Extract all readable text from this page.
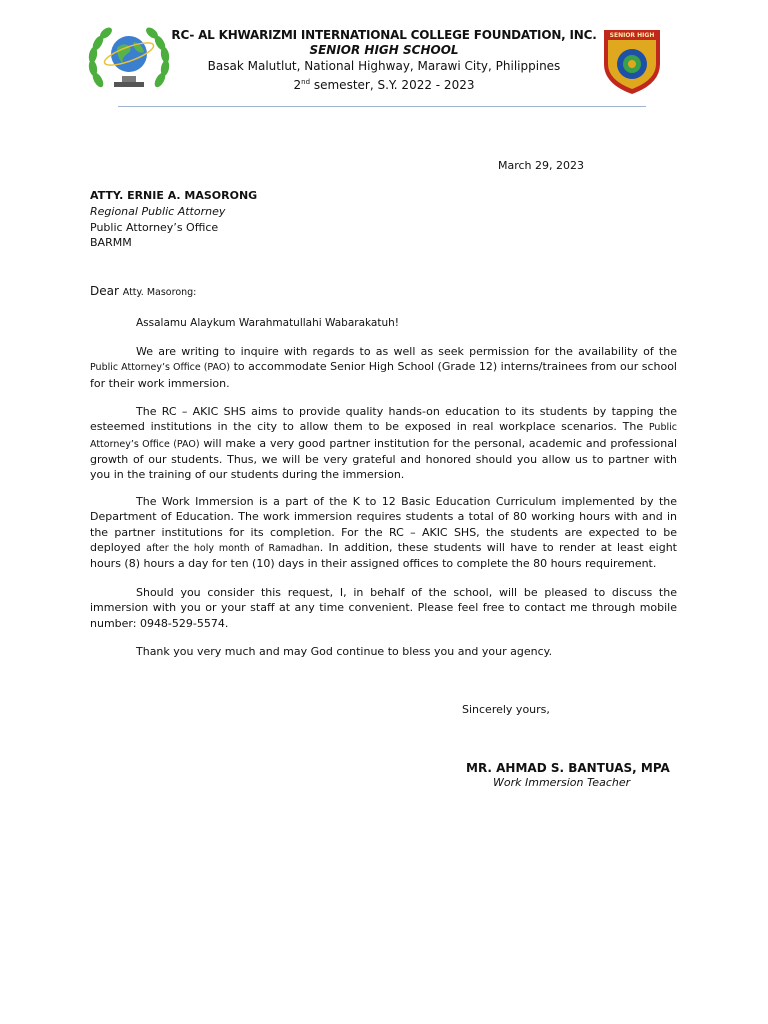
RC- AL KHWARIZMI INTERNATIONAL COLLEGE FOUNDATION, INC.
SENIOR HIGH SCHOOL
Basak Malutlut, National Highway, Marawi City, Philippines
2nd semester, S.Y. 2022 - 2023
SENIOR HIGH
March 29, 2023
ATTY. ERNIE A. MASORONG
Regional Public Attorney
Public Attorney’s Office
BARMM
Dear Atty. Masorong:
Assalamu Alaykum Warahmatullahi Wabarakatuh!
We are writing to inquire with regards to as well as seek permission for the availability of the Public Attorney’s Office (PAO) to accommodate Senior High School (Grade 12) interns/trainees from our school for their work immersion.
The RC – AKIC SHS aims to provide quality hands-on education to its students by tapping the esteemed institutions in the city to allow them to be exposed in real workplace scenarios. The Public Attorney’s Office (PAO) will make a very good partner institution for the personal, academic and professional growth of our students. Thus, we will be very grateful and honored should you allow us to partner with you in the training of our students during the immersion.
The Work Immersion is a part of the K to 12 Basic Education Curriculum implemented by the Department of Education. The work immersion requires students a total of 80 working hours with and in the partner institutions for its completion. For the RC – AKIC SHS, the students are expected to be deployed after the holy month of Ramadhan. In addition, these students will have to render at least eight hours (8) hours a day for ten (10) days in their assigned offices to complete the 80 hours requirement.
Should you consider this request, I, in behalf of the school, will be pleased to discuss the immersion with you or your staff at any time convenient. Please feel free to contact me through mobile number: 0948-529-5574.
Thank you very much and may God continue to bless you and your agency.
Sincerely yours,
MR. AHMAD S. BANTUAS, MPA
Work Immersion Teacher
